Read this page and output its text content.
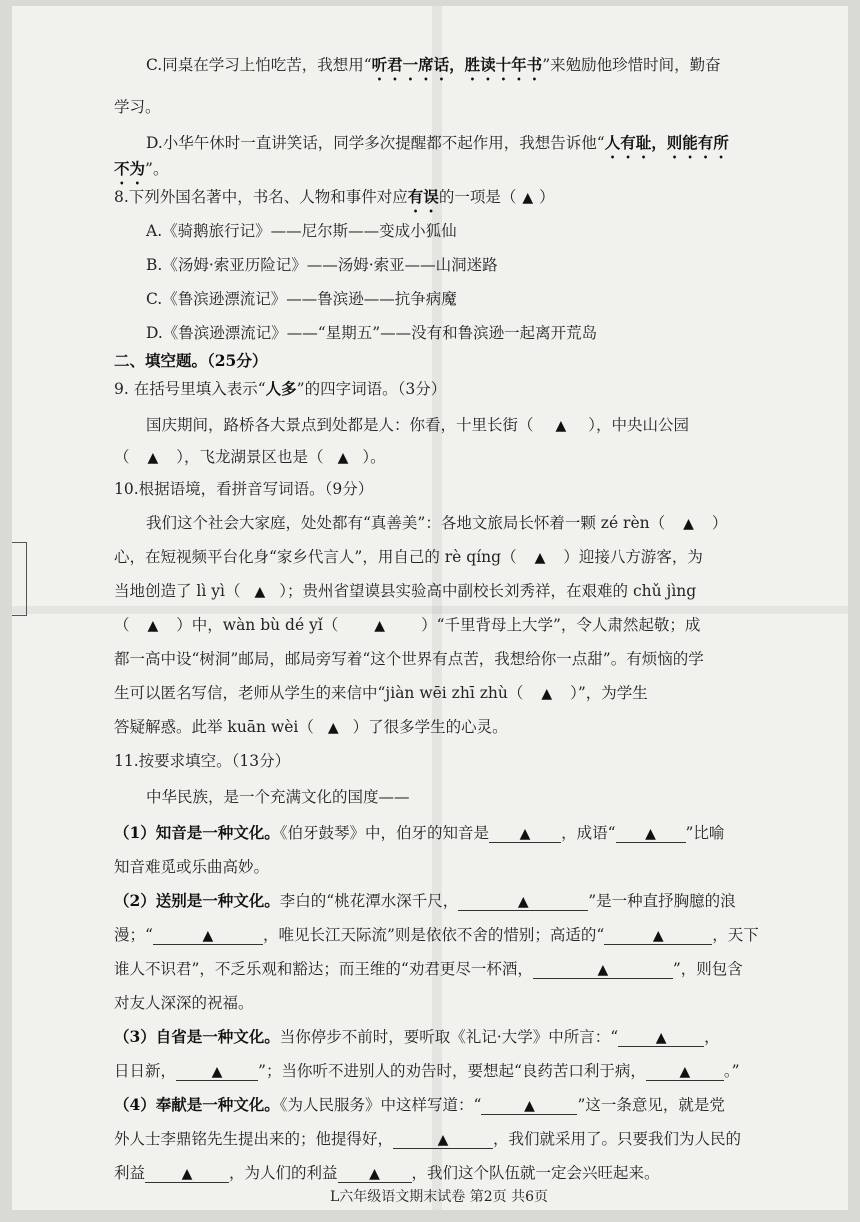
C.同桌在学习上怕吃苦，我想用“听君一席话，胜读十年书”来勉励他珍惜时间，勤奋
学习。
D.小华午休时一直讲笑话，同学多次提醒都不起作用，我想告诉他“人有耻，则能有所
不为”。
8.下列外国名著中，书名、人物和事件对应有误的一项是（ ▲ ）
A.《骑鹅旅行记》——尼尔斯——变成小狐仙
B.《汤姆·索亚历险记》——汤姆·索亚——山洞迷路
C.《鲁滨逊漂流记》——鲁滨逊——抗争病魔
D.《鲁滨逊漂流记》——“星期五”——没有和鲁滨逊一起离开荒岛
二、填空题。（25分）
9. 在括号里填入表示“人多”的四字词语。（3分）
国庆期间，路桥各大景点到处都是人：你看，十里长街（ ▲ ），中央山公园
（ ▲ ），飞龙湖景区也是（ ▲ ）。
10.根据语境，看拼音写词语。（9分）
我们这个社会大家庭，处处都有“真善美”：各地文旅局长怀着一颗 zé rèn（ ▲ ）
心，在短视频平台化身“家乡代言人”，用自己的 rè qíng（ ▲ ）迎接八方游客，为
当地创造了 lì yì（ ▲ ）；贵州省望谟县实验高中副校长刘秀祥，在艰难的 chǔ jìng
（ ▲ ）中，wàn bù dé yǐ（	▲ ）“千里背母上大学”，令人肃然起敬；成
都一高中设“树洞”邮局，邮局旁写着“这个世界有点苦，我想给你一点甜”。有烦恼的学
生可以匿名写信，老师从学生的来信中“jiàn wēi zhī zhù（ ▲ ）”，为学生
答疑解惑。此举 kuān wèi（ ▲ ）了很多学生的心灵。
11.按要求填空。（13分）
中华民族，是一个充满文化的国度——
（1）知音是一种文化。《伯牙鼓琴》中，伯牙的知音是 ▲ ，成语“ ▲ ”比喻
知音难觅或乐曲高妙。
（2）送别是一种文化。李白的“桃花潭水深千尺，	▲	”是一种直抒胸臆的浪
漫；“	▲	，唯见长江天际流”则是依依不舍的惜别；高适的“	▲	，天下
谁人不识君”，不乏乐观和豁达；而王维的“劝君更尽一杯酒，	▲	”，则包含
对友人深深的祝福。
（3）自省是一种文化。当你停步不前时，要听取《礼记·大学》中所言：“	▲ ，
日日新，	▲ ”；当你听不进别人的劝告时，要想起“良药苦口利于病， ▲ 。”
（4）奉献是一种文化。《为人民服务》中这样写道：“	▲	”这一条意见，就是党
外人士李鼎铭先生提出来的；他提得好，	▲	，我们就采用了。只要我们为人民的
利益	▲ ，为人们的利益 ▲ ，我们这个队伍就一定会兴旺起来。
L六年级语文期末试卷 第2页 共6页
